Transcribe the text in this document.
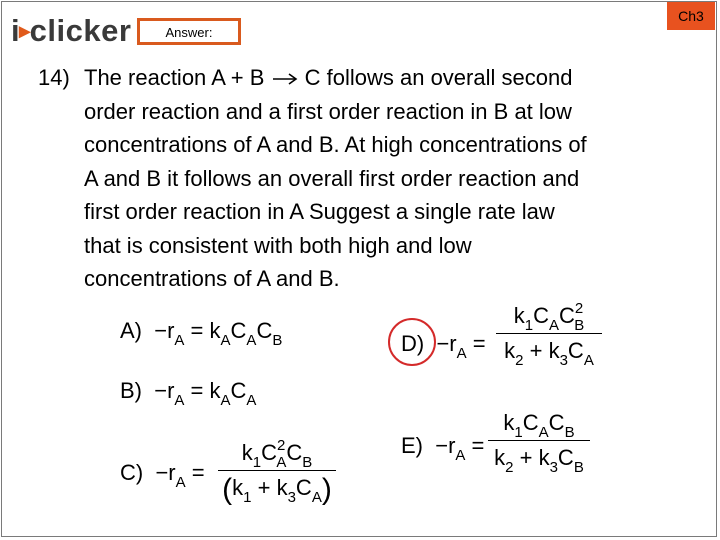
i▸clicker	Answer:
Ch3
14) The reaction A + B → C follows an overall second
order reaction and a first order reaction in B at low
concentrations of A and B. At high concentrations of
A and B it follows an overall first order reaction and
first order reaction in A Suggest a single rate law
that is consistent with both high and low
concentrations of A and B.
$A) -r_A = k_AC_AC_B$
$B) -r_A = k_AC_A$
$C) -r_A$ =
$k_1C^2_AC_B$
$(k_1 + k_3C_A)$
$D) -r_A$ =
$k_1C_AC^2_B$
$k_2 + k_3C_A$
$E) -r_A$ =
$k_1C_AC_B$
$k_2 + k_3C_B$
